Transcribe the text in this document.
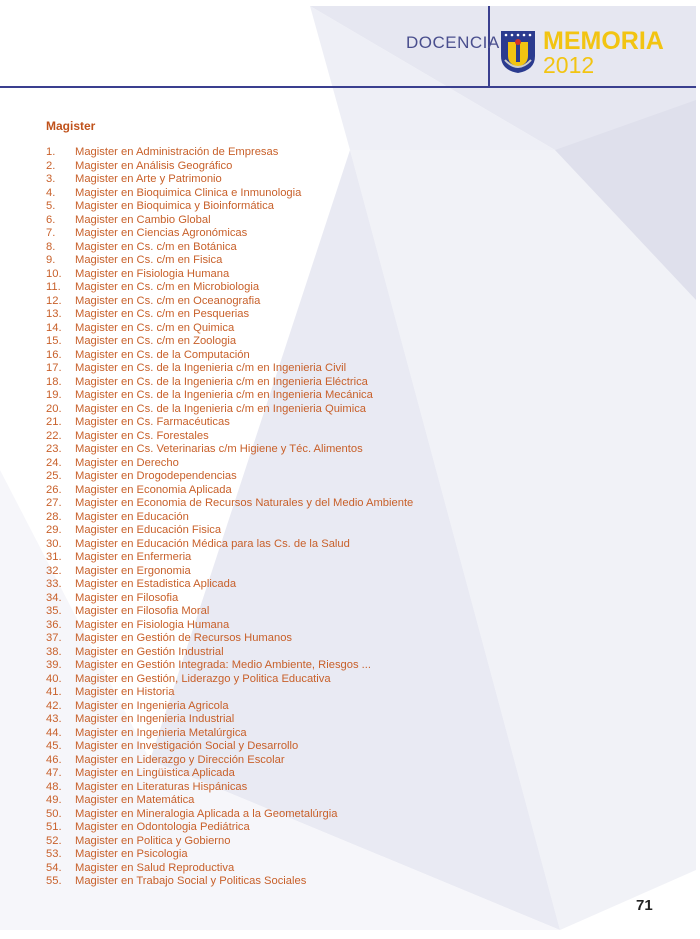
DOCENCIA MEMORIA
2012
Magister
1. Magister en Administración de Empresas
2. Magister en Análisis Geográfico
3. Magister en Arte y Patrimonio
4. Magister en Bioquimica Clinica e Inmunologia
5. Magister en Bioquimica y Bioinformática
6. Magister en Cambio Global
7. Magister en Ciencias Agronómicas
8. Magister en Cs. c/m en Botánica
9. Magister en Cs. c/m en Fisica
10. Magister en Fisiologia Humana
11. Magister en Cs. c/m en Microbiologia
12. Magister en Cs. c/m en Oceanografia
13. Magister en Cs. c/m en Pesquerias
14. Magister en Cs. c/m en Quimica
15. Magister en Cs. c/m en Zoologia
16. Magister en Cs. de la Computación
17. Magister en Cs. de la Ingenieria c/m en Ingenieria Civil
18. Magister en Cs. de la Ingenieria c/m en Ingenieria Eléctrica
19. Magister en Cs. de la Ingenieria c/m en Ingenieria Mecánica
20. Magister en Cs. de la Ingenieria c/m en Ingenieria Quimica
21. Magister en Cs. Farmacéuticas
22. Magister en Cs. Forestales
23. Magister en Cs. Veterinarias c/m Higiene y Téc. Alimentos
24. Magister en Derecho
25. Magister en Drogodependencias
26. Magister en Economia Aplicada
27. Magister en Economia de Recursos Naturales y del Medio Ambiente
28. Magister en Educación
29. Magister en Educación Fisica
30. Magister en Educación Médica para las Cs. de la Salud
31. Magister en Enfermeria
32. Magister en Ergonomia
33. Magister en Estadistica Aplicada
34. Magister en Filosofia
35. Magister en Filosofia Moral
36. Magister en Fisiologia Humana
37. Magister en Gestión de Recursos Humanos
38. Magister en Gestión Industrial
39. Magister en Gestión Integrada: Medio Ambiente, Riesgos ...
40. Magister en Gestión, Liderazgo y Politica Educativa
41. Magister en Historia
42. Magister en Ingenieria Agricola
43. Magister en Ingenieria Industrial
44. Magister en Ingenieria Metalúrgica
45. Magister en Investigación Social y Desarrollo
46. Magister en Liderazgo y Dirección Escolar
47. Magister en Lingüistica Aplicada
48. Magister en Literaturas Hispánicas
49. Magister en Matemática
50. Magister en Mineralogia Aplicada a la Geometalúrgia
51. Magister en Odontologia Pediátrica
52. Magister en Politica y Gobierno
53. Magister en Psicologia
54. Magister en Salud Reproductiva
55. Magister en Trabajo Social y Politicas Sociales
71
